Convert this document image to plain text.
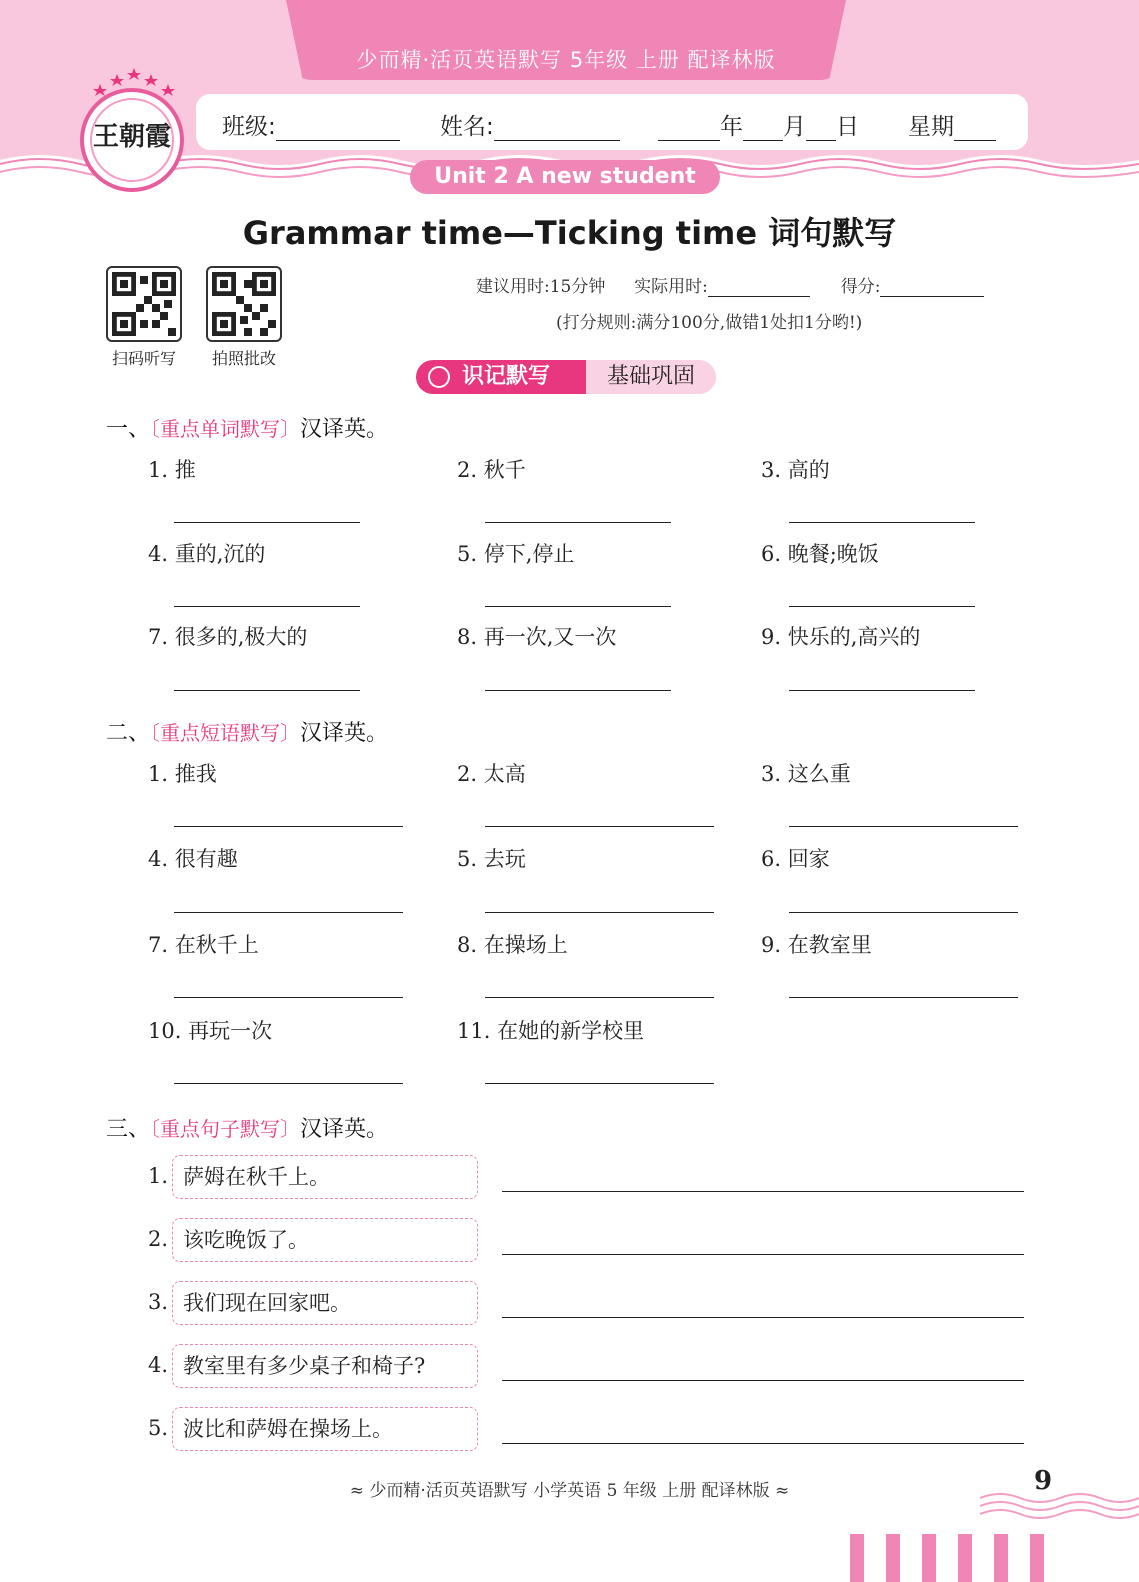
少而精·活页英语默写 5年级 上册 配译林版
班级:	姓名:	年 月 日 星期
王朝霞
Unit 2 A new student
Grammar time—Ticking time 词句默写
扫码听写	拍照批改
建议用时:15分钟 实际用时:	得分:
(打分规则:满分100分,做错1处扣1分哟!)
识记默写	基础巩固
一、〔重点单词默写〕汉译英。
1. 推	2. 秋千	3. 高的
4. 重的,沉的	5. 停下,停止	6. 晚餐;晚饭
7. 很多的,极大的	8. 再一次,又一次	9. 快乐的,高兴的
二、〔重点短语默写〕汉译英。
1. 推我	2. 太高	3. 这么重
4. 很有趣	5. 去玩	6. 回家
7. 在秋千上	8. 在操场上	9. 在教室里
10. 再玩一次	11. 在她的新学校里
三、〔重点句子默写〕汉译英。
1. 萨姆在秋千上。
2. 该吃晚饭了。
3. 我们现在回家吧。
4. 教室里有多少桌子和椅子?
5. 波比和萨姆在操场上。
≈ 少而精·活页英语默写 小学英语 5 年级 上册 配译林版 ≈	9
